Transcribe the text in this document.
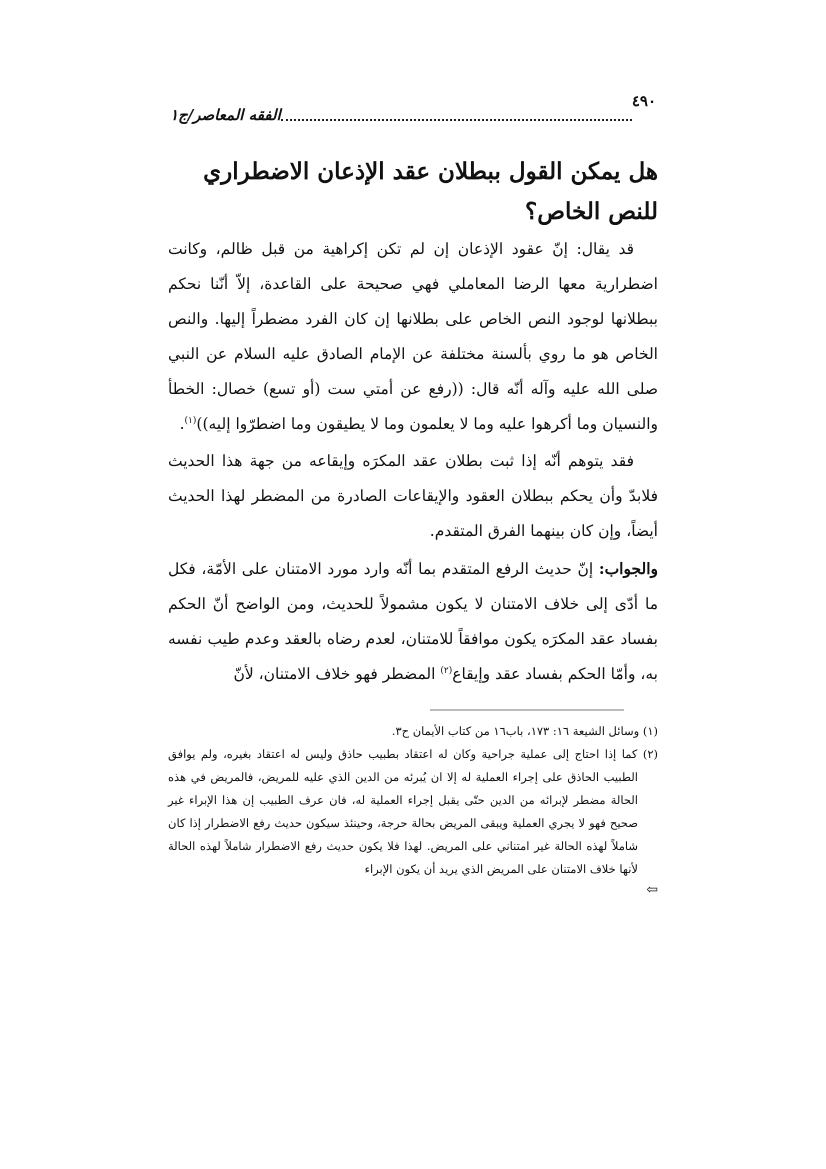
٤٩٠
الفقه المعاصر/ج١
هل يمكن القول ببطلان عقد الإذعان الاضطراري للنص الخاص؟

قد يقال: إنّ عقود الإذعان إن لم تكن إكراهية من قبل ظالم، وكانت اضطرارية معها الرضا المعاملي فهي صحيحة على القاعدة، إلاّ أنّنا نحكم ببطلانها لوجود النص الخاص على بطلانها إن كان الفرد مضطراً إليها. والنص الخاص هو ما روي بألسنة مختلفة عن الإمام الصادق عليه السلام عن النبي صلى الله عليه وآله أنّه قال: ((رفع عن أمتي ست (أو تسع) خصال: الخطأ والنسيان وما أكرهوا عليه وما لا يعلمون وما لا يطيقون وما اضطرّوا إليه))$^{(١)}$.

فقد يتوهم أنّه إذا ثبت بطلان عقد المكرَه وإيقاعه من جهة هذا الحديث فلابدّ وأن يحكم ببطلان العقود والإيقاعات الصادرة من المضطر لهذا الحديث أيضاً، وإن كان بينهما الفرق المتقدم.

والجواب: إنّ حديث الرفع المتقدم بما أنّه وارد مورد الامتنان على الأمّة، فكل ما أدّى إلى خلاف الامتنان لا يكون مشمولاً للحديث، ومن الواضح أنّ الحكم بفساد عقد المكرَه يكون موافقاً للامتنان، لعدم رضاه بالعقد وعدم طيب نفسه به، وأمّا الحكم بفساد عقد وإيقاع$^{(٢)}$ المضطر فهو خلاف الامتنان، لأنّ

(١) وسائل الشيعة ١٦: ١٧٣، باب١٦ من كتاب الأيمان ح٣.

(٢) كما إذا احتاج إلى عملية جراحية وكان له اعتقاد بطبيب حاذق وليس له اعتقاد بغيره، ولم يوافق الطبيب الحاذق على إجراء العملية له إلا ان يُبرئه من الدين الذي عليه للمريض، فالمريض في هذه الحالة مضطر لإبرائه من الدين حتّى يقبل إجراء العملية له، فان عرف الطبيب إن هذا الإبراء غير صحيح فهو لا يجري العملية ويبقى المريض بحالة حرجة، وحينئذ سيكون حديث رفع الاضطرار إذا كان شاملاً لهذه الحالة غير امتناني على المريض. لهذا فلا يكون حديث رفع الاضطرار شاملاً لهذه الحالة لأنها خلاف الامتنان على المريض الذي يريد أن يكون الإبراء

⇦
